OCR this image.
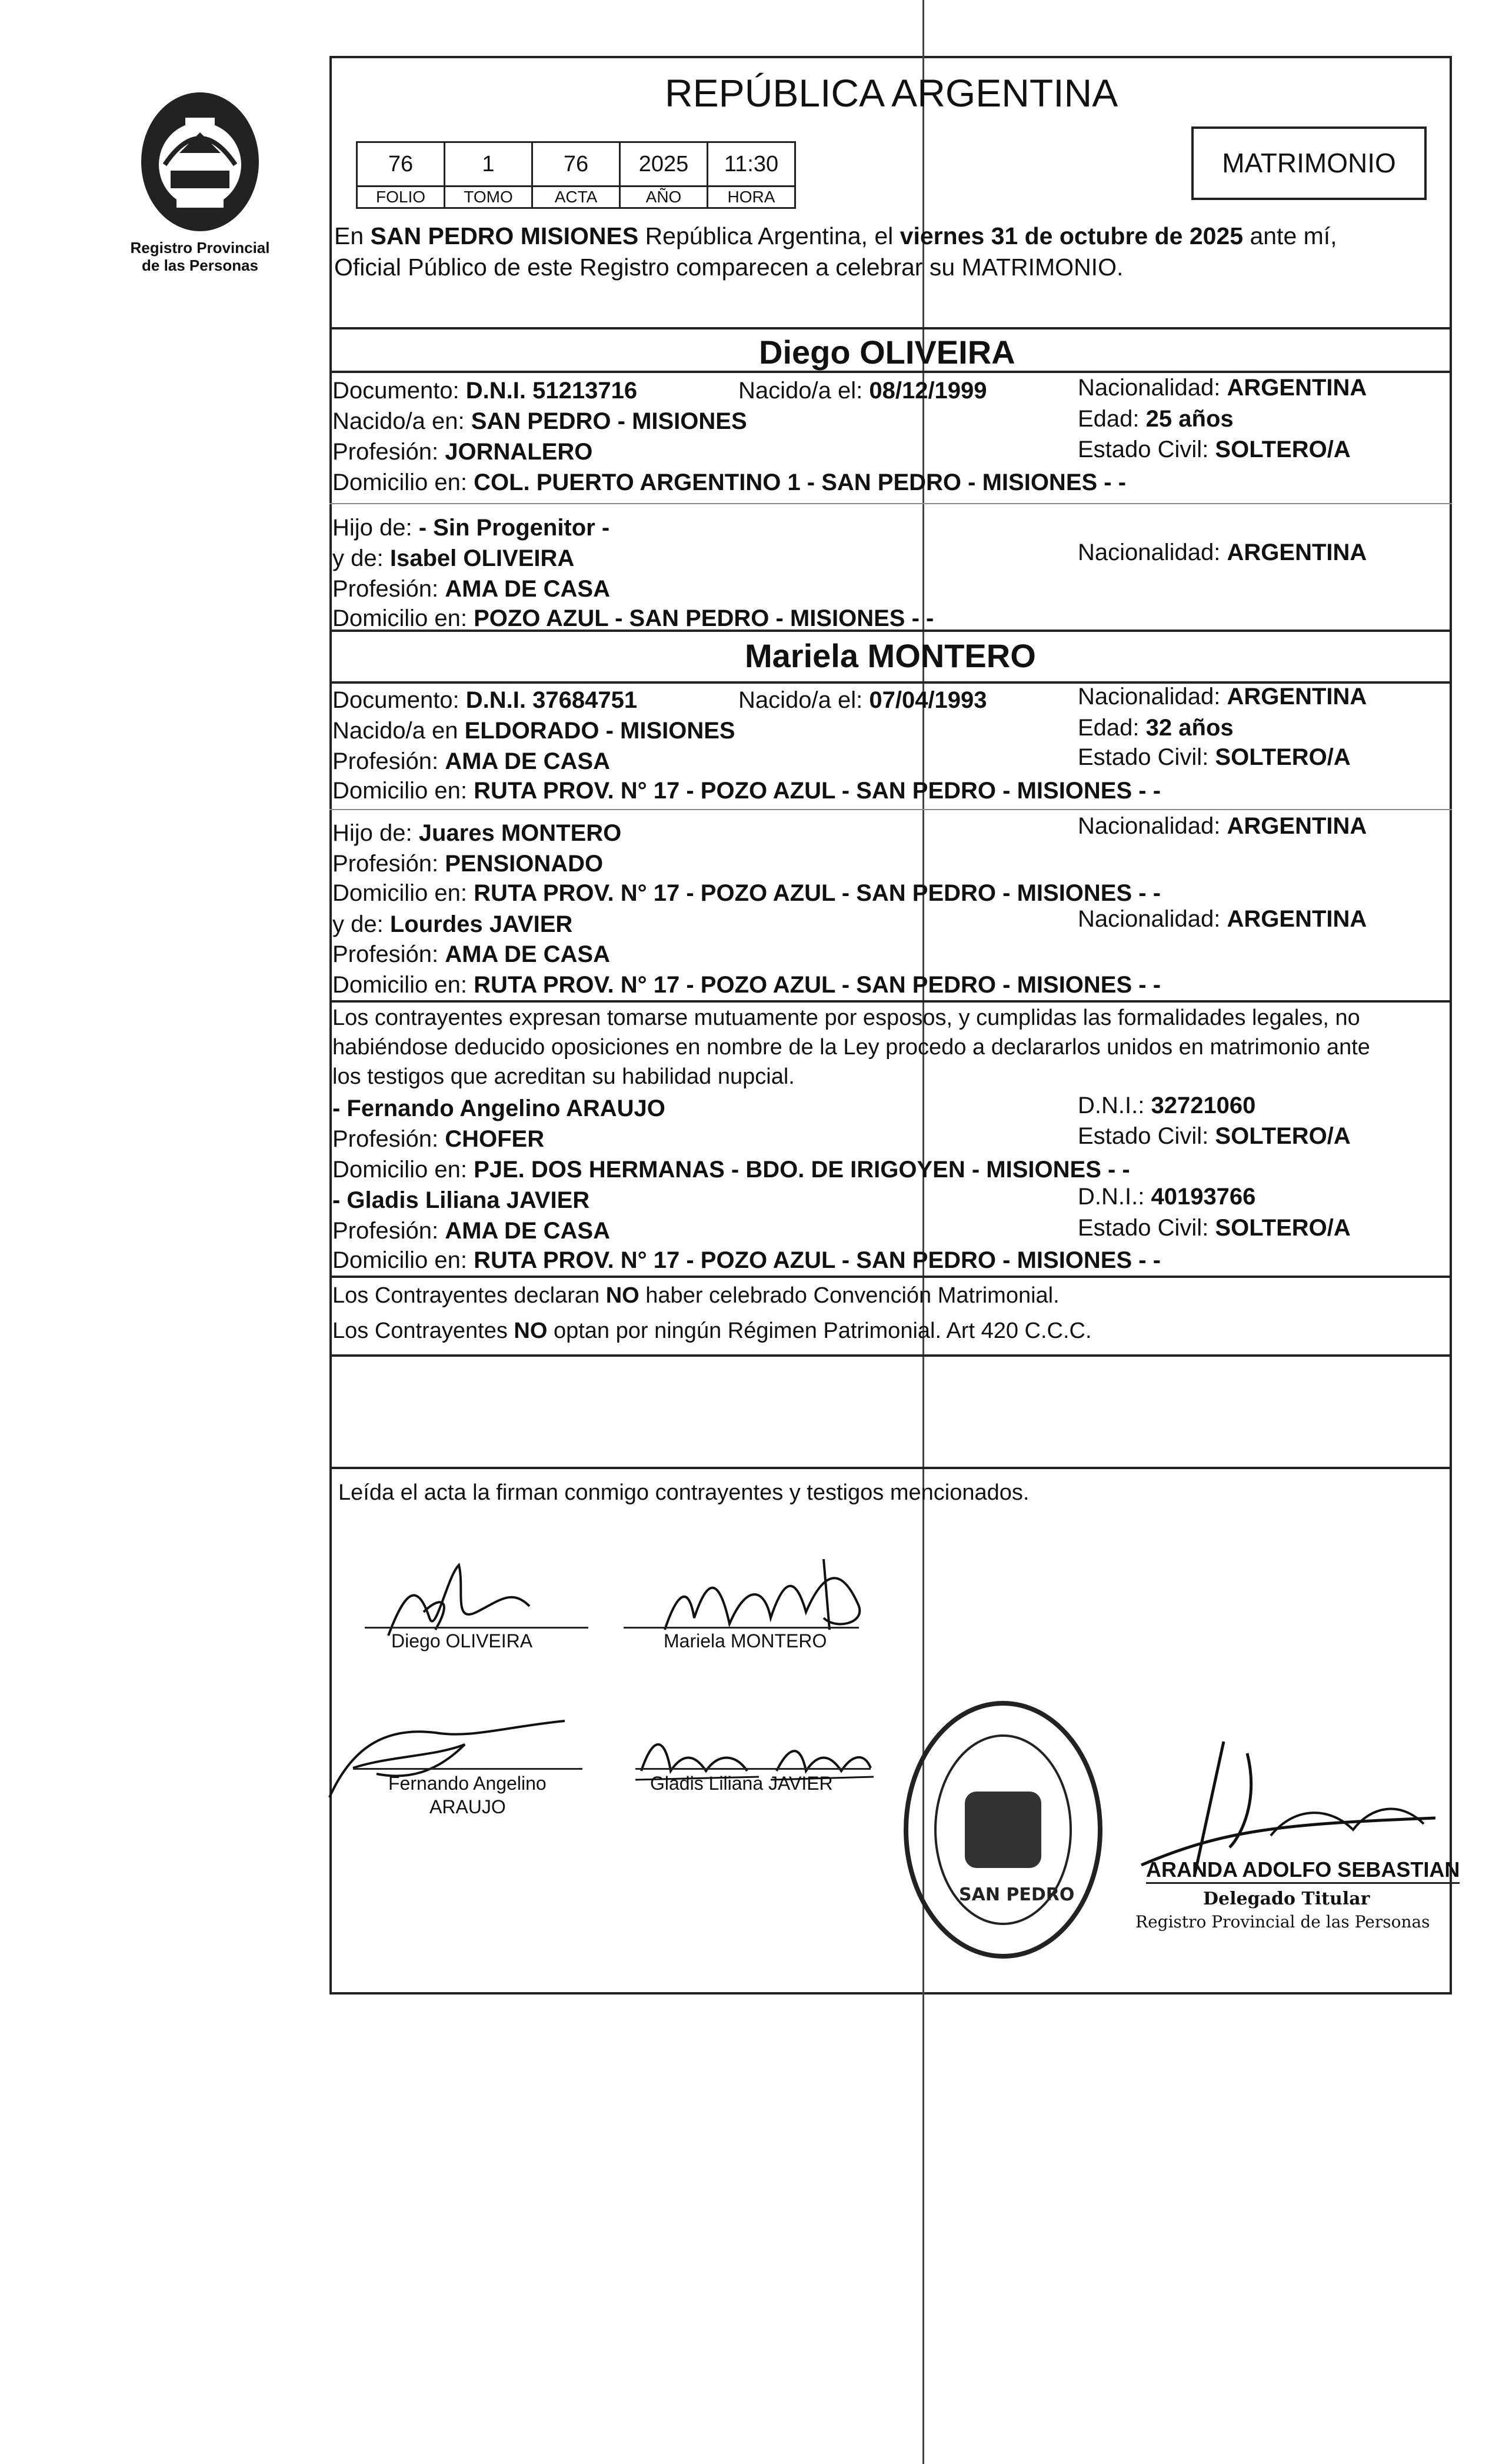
Registro Provincial
de las Personas
REPÚBLICA ARGENTINA
MATRIMONIO
76	1	76	2025	11:30
FOLIO	TOMO	ACTA	AÑO	HORA
En SAN PEDRO MISIONES República Argentina, el viernes 31 de octubre de 2025 ante mí,
Oficial Público de este Registro comparecen a celebrar su MATRIMONIO.
Diego OLIVEIRA
Documento: D.N.I. 51213716	Nacido/a el: 08/12/1999	Nacionalidad: ARGENTINA
Nacido/a en: SAN PEDRO - MISIONES	Edad: 25 años
Profesión: JORNALERO	Estado Civil: SOLTERO/A
Domicilio en: COL. PUERTO ARGENTINO 1 - SAN PEDRO - MISIONES - -
Hijo de: - Sin Progenitor -
y de: Isabel OLIVEIRA	Nacionalidad: ARGENTINA
Profesión: AMA DE CASA
Domicilio en: POZO AZUL - SAN PEDRO - MISIONES - -
Mariela MONTERO
Documento: D.N.I. 37684751	Nacido/a el: 07/04/1993	Nacionalidad: ARGENTINA
Nacido/a en ELDORADO - MISIONES	Edad: 32 años
Profesión: AMA DE CASA	Estado Civil: SOLTERO/A
Domicilio en: RUTA PROV. N° 17 - POZO AZUL - SAN PEDRO - MISIONES - -
Hijo de: Juares MONTERO	Nacionalidad: ARGENTINA
Profesión: PENSIONADO
Domicilio en: RUTA PROV. N° 17 - POZO AZUL - SAN PEDRO - MISIONES - -
y de: Lourdes JAVIER	Nacionalidad: ARGENTINA
Profesión: AMA DE CASA
Domicilio en: RUTA PROV. N° 17 - POZO AZUL - SAN PEDRO - MISIONES - -
Los contrayentes expresan tomarse mutuamente por esposos, y cumplidas las formalidades legales, no
habiéndose deducido oposiciones en nombre de la Ley procedo a declararlos unidos en matrimonio ante
los testigos que acreditan su habilidad nupcial.
- Fernando Angelino ARAUJO	D.N.I.: 32721060
Profesión: CHOFER	Estado Civil: SOLTERO/A
Domicilio en: PJE. DOS HERMANAS - BDO. DE IRIGOYEN - MISIONES - -
- Gladis Liliana JAVIER	D.N.I.: 40193766
Profesión: AMA DE CASA	Estado Civil: SOLTERO/A
Domicilio en: RUTA PROV. N° 17 - POZO AZUL - SAN PEDRO - MISIONES - -
Los Contrayentes declaran NO haber celebrado Convención Matrimonial.
Los Contrayentes NO optan por ningún Régimen Patrimonial. Art 420 C.C.C.
Leída el acta la firman conmigo contrayentes y testigos mencionados.
Diego OLIVEIRA	Mariela MONTERO
Fernando Angelino
ARAUJO
Gladis Liliana JAVIER
SAN PEDRO
ARANDA ADOLFO SEBASTIAN
Delegado Titular
Registro Provincial de las Personas
